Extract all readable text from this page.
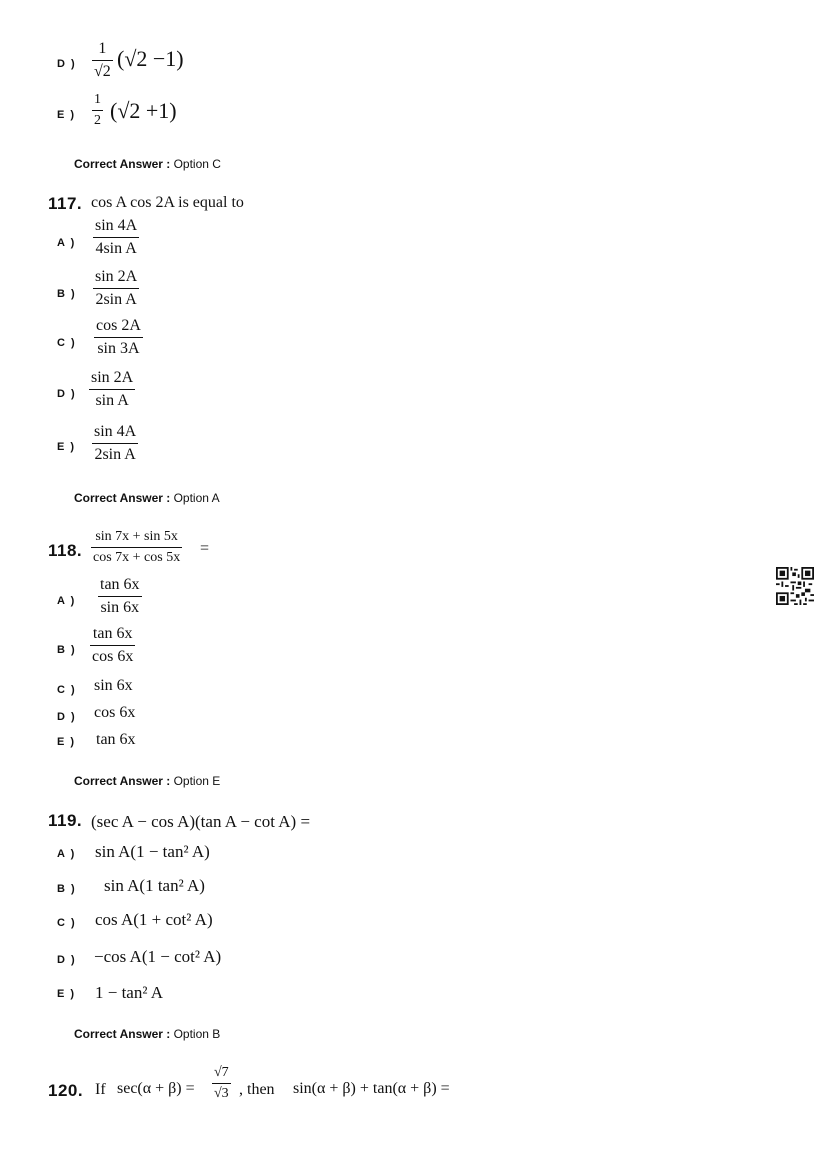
D ) $\frac{1}{√2} (√2 -1)$
E ) $\frac{1}{2} (√2 +1)$
Correct Answer : Option C
117. cos A cos 2A is equal to
A ) $\frac{\sin 4A}{\text{4sin A}}$
B ) $\frac{\sin 2A}{\text{2sin A}}$
C ) $\frac{\cos 2A}{\sin 3A}$
D ) $\frac{\sin 2A}{\text{sin A}}$
E ) $\frac{\sin 4A}{\text{2sin A}}$
Correct Answer : Option A
118. $\frac{\sin 7x + \sin 5x}{\cos 7x + \cos 5x}$ =
A ) $\frac{\tan 6x}{\sin 6x}$
B ) $\frac{\tan 6x}{\cos 6x}$
C ) sin 6x
D ) cos 6x
E ) tan 6x
Correct Answer : Option E
119. (sec A − cos A)(tan A − cot A) =
A ) sin A(1 − tan² A)
B ) sin A(1 tan² A)
C ) cos A(1 + cot² A)
D ) −cos A(1 − cot² A)
E ) 1 − tan² A
Correct Answer : Option B
120. If $\sec(\alpha + \beta) = \frac{√7}{√3}$ , then sin(α + β) + tan(α + β) =
